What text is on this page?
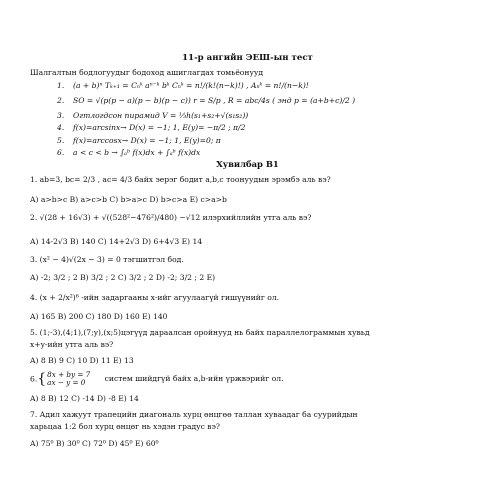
11-р ангийн ЭЕШ-ын тест
Шалгалтын бодлогуудыг бодоход ашиглагдах томьёонууд
1. (a + b)ⁿ Tₖ₊₁ = Cₙᵏ aⁿ⁻ᵏ bᵏ Cₙᵏ = n!/(k!(n−k)!) , Aₙᵏ = n!/(n−k)!
2. SO = √(p(p − a)(p − b)(p − c)) r = S/p , R = abc/4s ( энд p = (a+b+c)/2 )
3. Огтлогдсон пирамид V = ⅓h(s₁+s₂+√(s₁s₂))
4. f(x)=arcsinx→ D(x) = −1; 1, E(y)= −π/2 ; π/2
5. f(x)=arccosx→ D(x) = −1; 1, E(y)=0; π
6. a < c < b → ∫ₐᵇ f(x)dx + ∫ₐᵇ f(x)dx
Хувилбар B1
1. ab=3, bc= 2/3 , ac= 4/3 байх эерэг бодит a,b,c тоонуудын эрэмбэ аль вэ?
A) a>b>c B) a>c>b C) b>a>c D) b>c>a E) c>a>b
2. √(28 + 16√3) + √((528²−476²)/480) −√12 илэрхийллийн утга аль вэ?
A) 14-2√3 B) 140 C) 14+2√3 D) 6+4√3 E) 14
3. (x² − 4)√(2x − 3) = 0 тэгшитгэл бод.
A) -2; 3/2 ; 2 B) 3/2 ; 2 C) 3/2 ; 2 D) -2; 3/2 ; 2 E)
4. (x + 2/x²)⁶ -ийн задаргааны x-ийг агуулаагүй гишүүнийг ол.
A) 165 B) 200 C) 180 D) 160 E) 140
5. (1;-3),(4;1),(7;y),(x;5)цэгүүд дараалсан оройнууд нь байх параллелограммын хувьд
x+y-ийн утга аль вэ?
A) 8 B) 9 C) 10 D) 11 E) 13
6.{ 8x + by = 7
ax − y = 0	систем шийдгүй байх a,b-ийн үржвэрийг ол.
A) 8 B) 12 C) -14 D) -8 E) 14
7. Адил хажуут трапецийн диагональ хурц өнцгөө таллан хуваадаг ба суурийдын
харьцаа 1:2 бол хурц өнцөг нь хэдэн градус вэ?
A) 75⁰ B) 30⁰ C) 72⁰ D) 45⁰ E) 60⁰
